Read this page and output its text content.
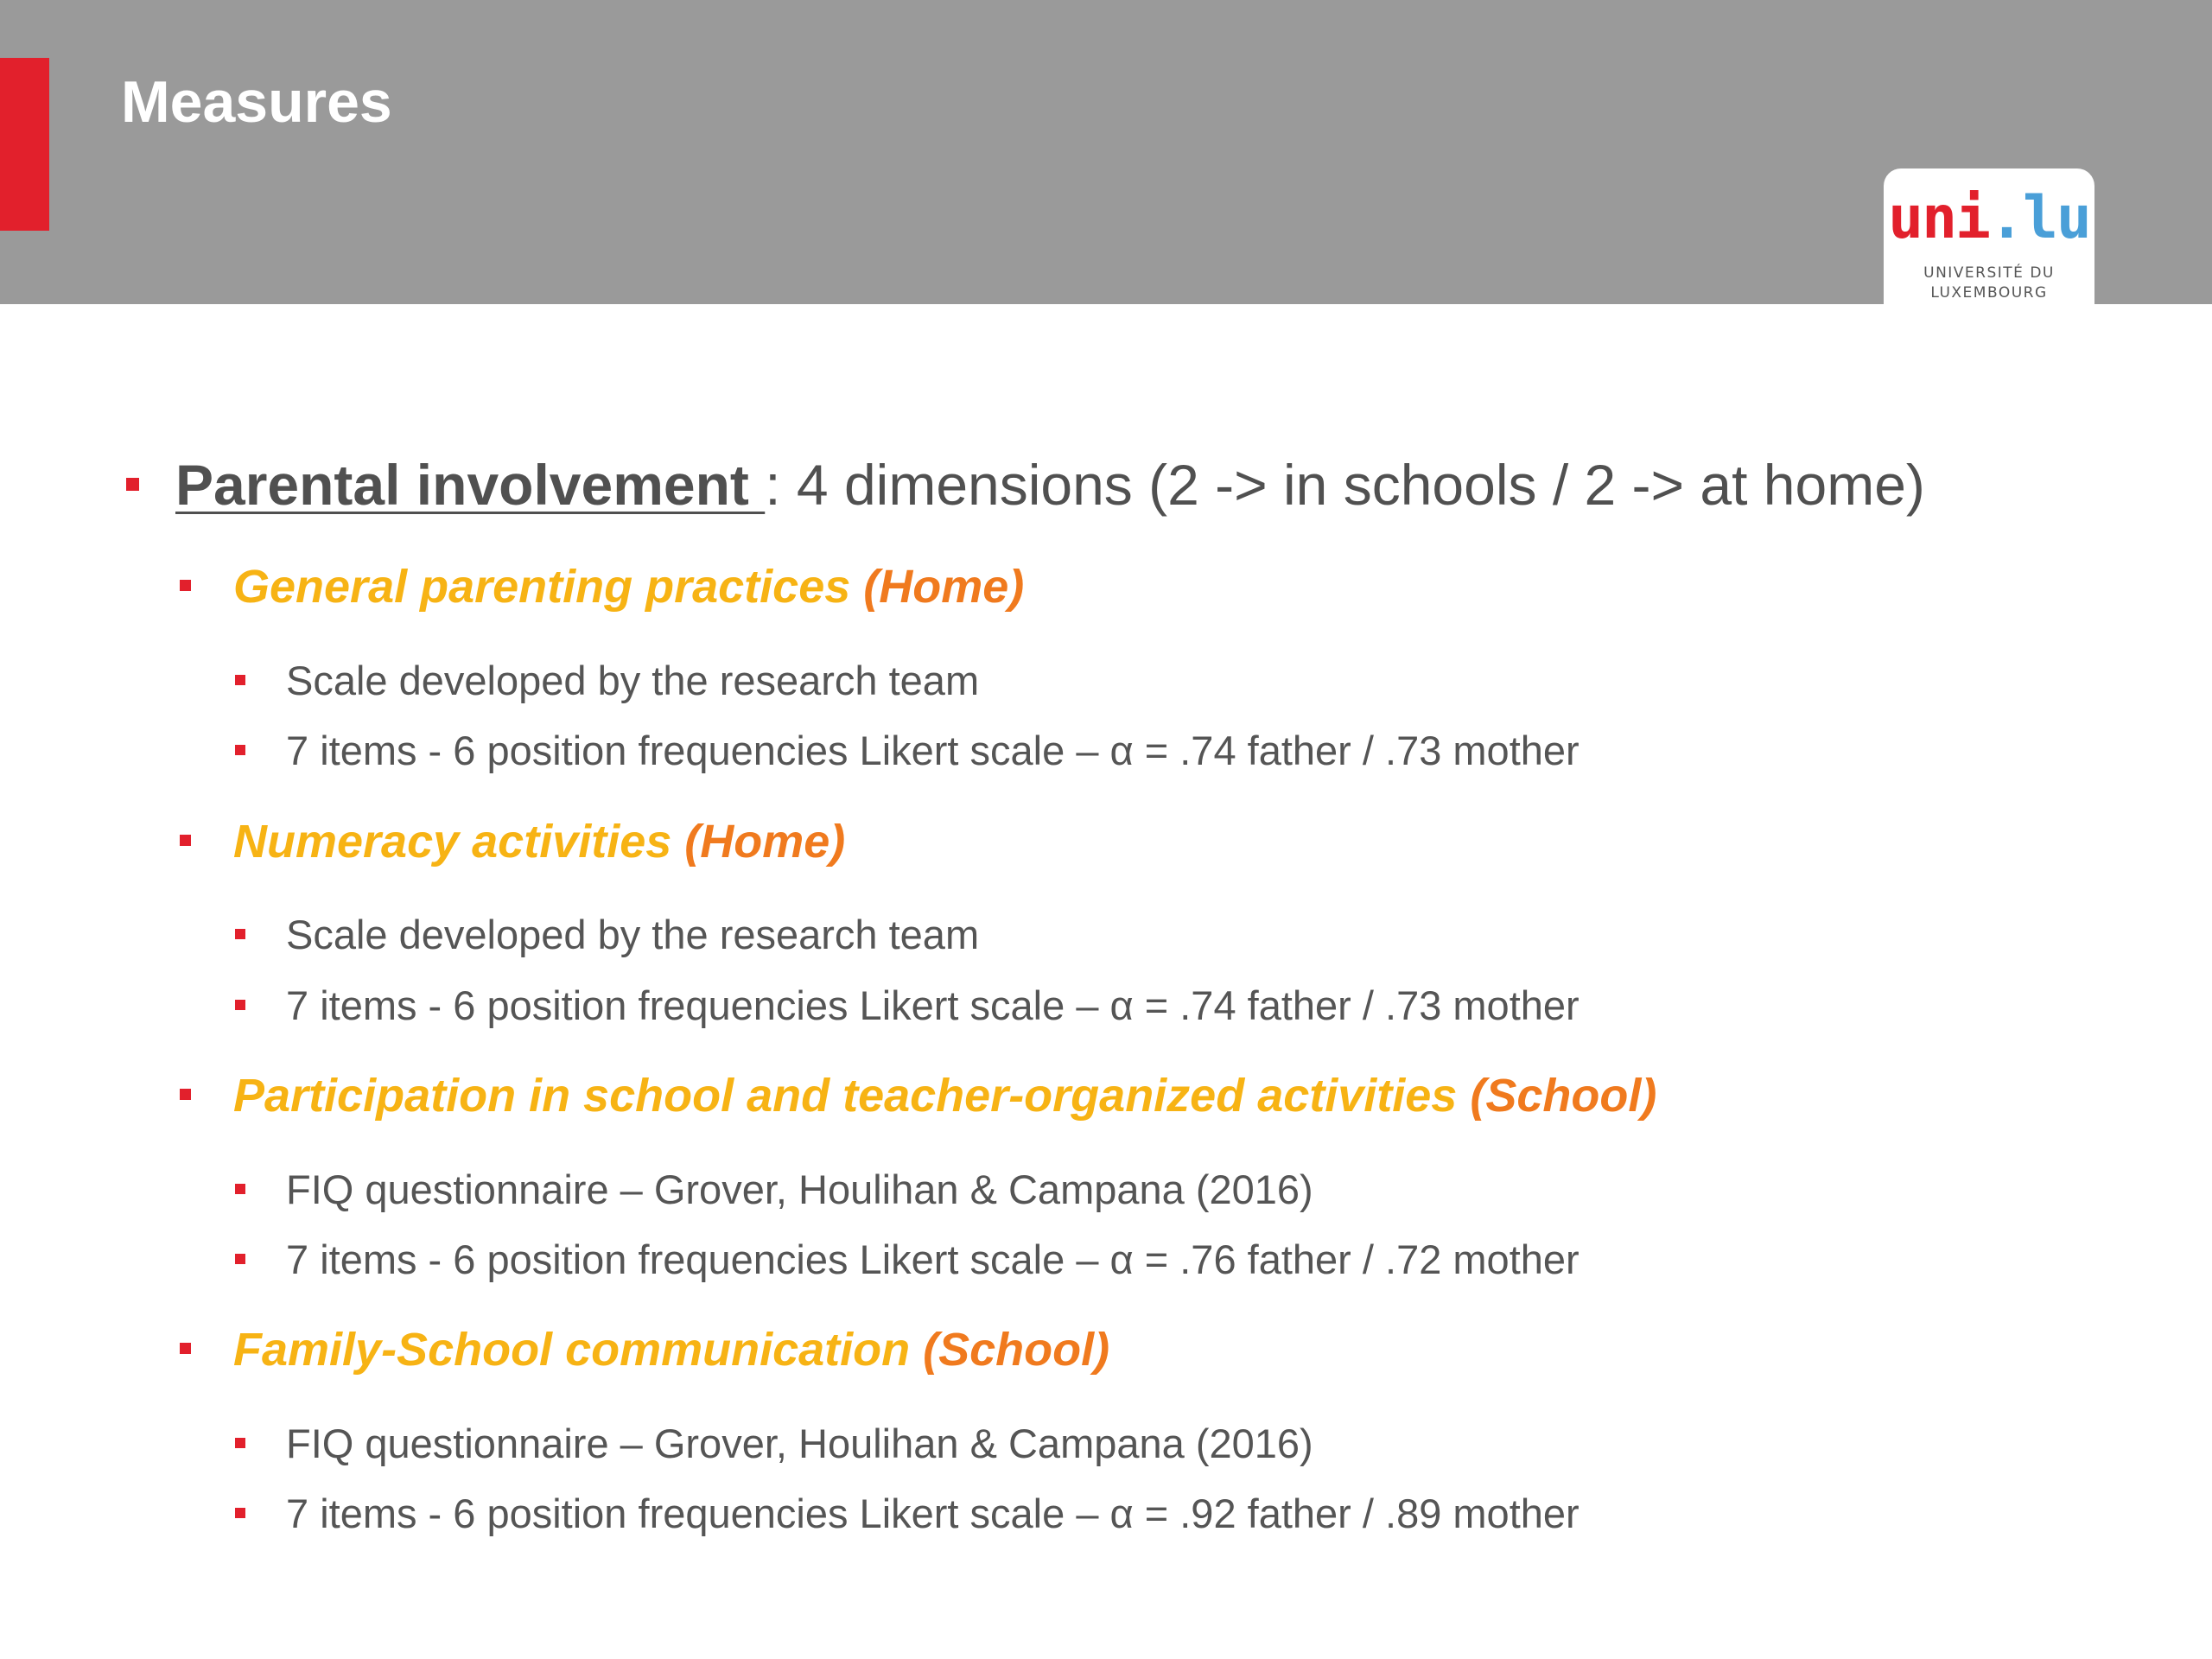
Measures
uni.lu
UNIVERSITÉ DU
LUXEMBOURG
Parental involvement : 4 dimensions (2 -> in schools / 2 -> at home)
General parenting practices (Home)
Scale developed by the research team
7 items - 6 position frequencies Likert scale – α = .74 father / .73 mother
Numeracy activities (Home)
Scale developed by the research team
7 items - 6 position frequencies Likert scale – α = .74 father / .73 mother
Participation in school and teacher-organized activities (School)
FIQ questionnaire – Grover, Houlihan & Campana (2016)
7 items - 6 position frequencies Likert scale – α = .76 father / .72 mother
Family-School communication (School)
FIQ questionnaire – Grover, Houlihan & Campana (2016)
7 items - 6 position frequencies Likert scale – α = .92 father / .89 mother
